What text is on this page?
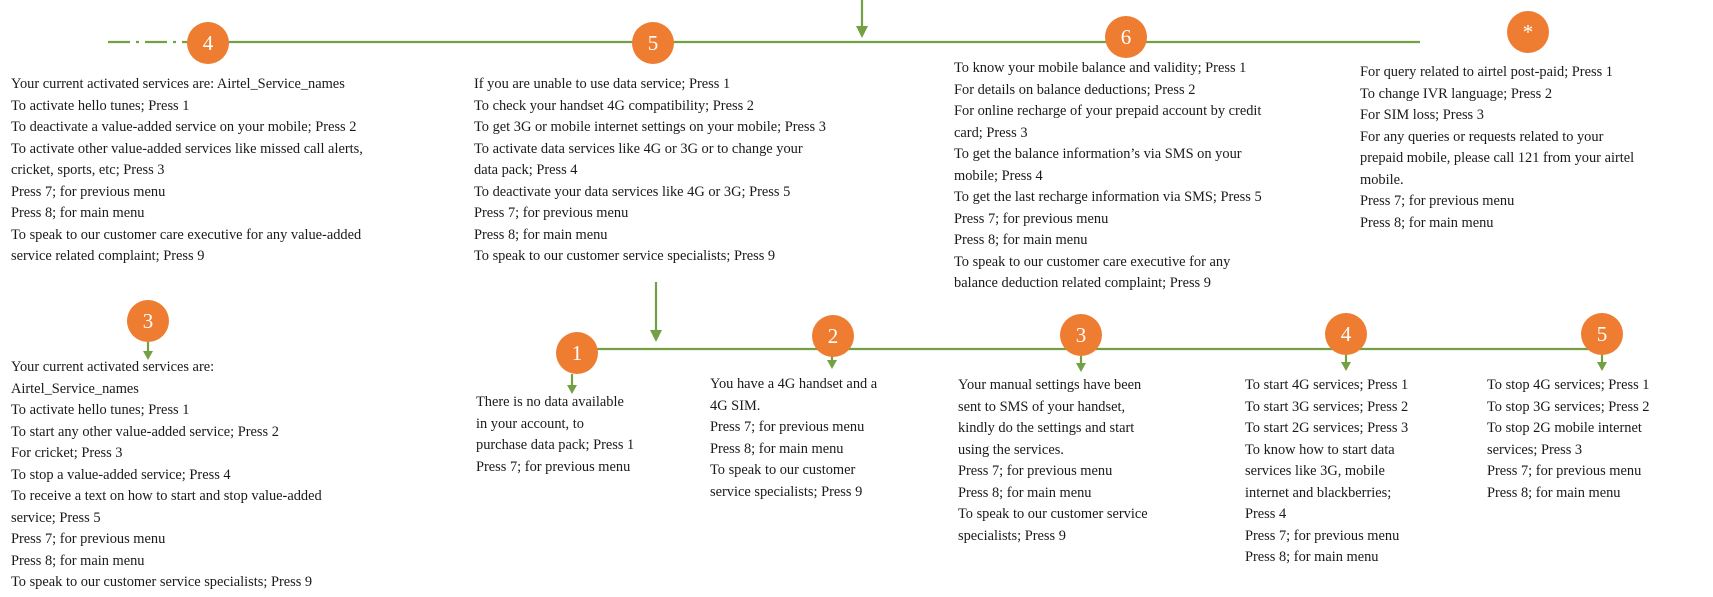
4	5	6	*
3
1
2	3	4	5
Your current activated services are: Airtel_Service_names
To activate hello tunes; Press 1
To deactivate a value-added service on your mobile; Press 2
To activate other value-added services like missed call alerts,
cricket, sports, etc; Press 3
Press 7; for previous menu
Press 8; for main menu
To speak to our customer care executive for any value-added
service related complaint; Press 9
If you are unable to use data service; Press 1
To check your handset 4G compatibility; Press 2
To get 3G or mobile internet settings on your mobile; Press 3
To activate data services like 4G or 3G or to change your
data pack; Press 4
To deactivate your data services like 4G or 3G; Press 5
Press 7; for previous menu
Press 8; for main menu
To speak to our customer service specialists; Press 9
To know your mobile balance and validity; Press 1
For details on balance deductions; Press 2
For online recharge of your prepaid account by credit
card; Press 3
To get the balance information’s via SMS on your
mobile; Press 4
To get the last recharge information via SMS; Press 5
Press 7; for previous menu
Press 8; for main menu
To speak to our customer care executive for any
balance deduction related complaint; Press 9
For query related to airtel post-paid; Press 1
To change IVR language; Press 2
For SIM loss; Press 3
For any queries or requests related to your
prepaid mobile, please call 121 from your airtel
mobile.
Press 7; for previous menu
Press 8; for main menu
Your current activated services are:
Airtel_Service_names
To activate hello tunes; Press 1
To start any other value-added service; Press 2
For cricket; Press 3
To stop a value-added service; Press 4
To receive a text on how to start and stop value-added
service; Press 5
Press 7; for previous menu
Press 8; for main menu
To speak to our customer service specialists; Press 9
There is no data available
in your account, to
purchase data pack; Press 1
Press 7; for previous menu
You have a 4G handset and a
4G SIM.
Press 7; for previous menu
Press 8; for main menu
To speak to our customer
service specialists; Press 9
Your manual settings have been
sent to SMS of your handset,
kindly do the settings and start
using the services.
Press 7; for previous menu
Press 8; for main menu
To speak to our customer service
specialists; Press 9
To start 4G services; Press 1
To start 3G services; Press 2
To start 2G services; Press 3
To know how to start data
services like 3G, mobile
internet and blackberries;
Press 4
Press 7; for previous menu
Press 8; for main menu
To stop 4G services; Press 1
To stop 3G services; Press 2
To stop 2G mobile internet
services; Press 3
Press 7; for previous menu
Press 8; for main menu
